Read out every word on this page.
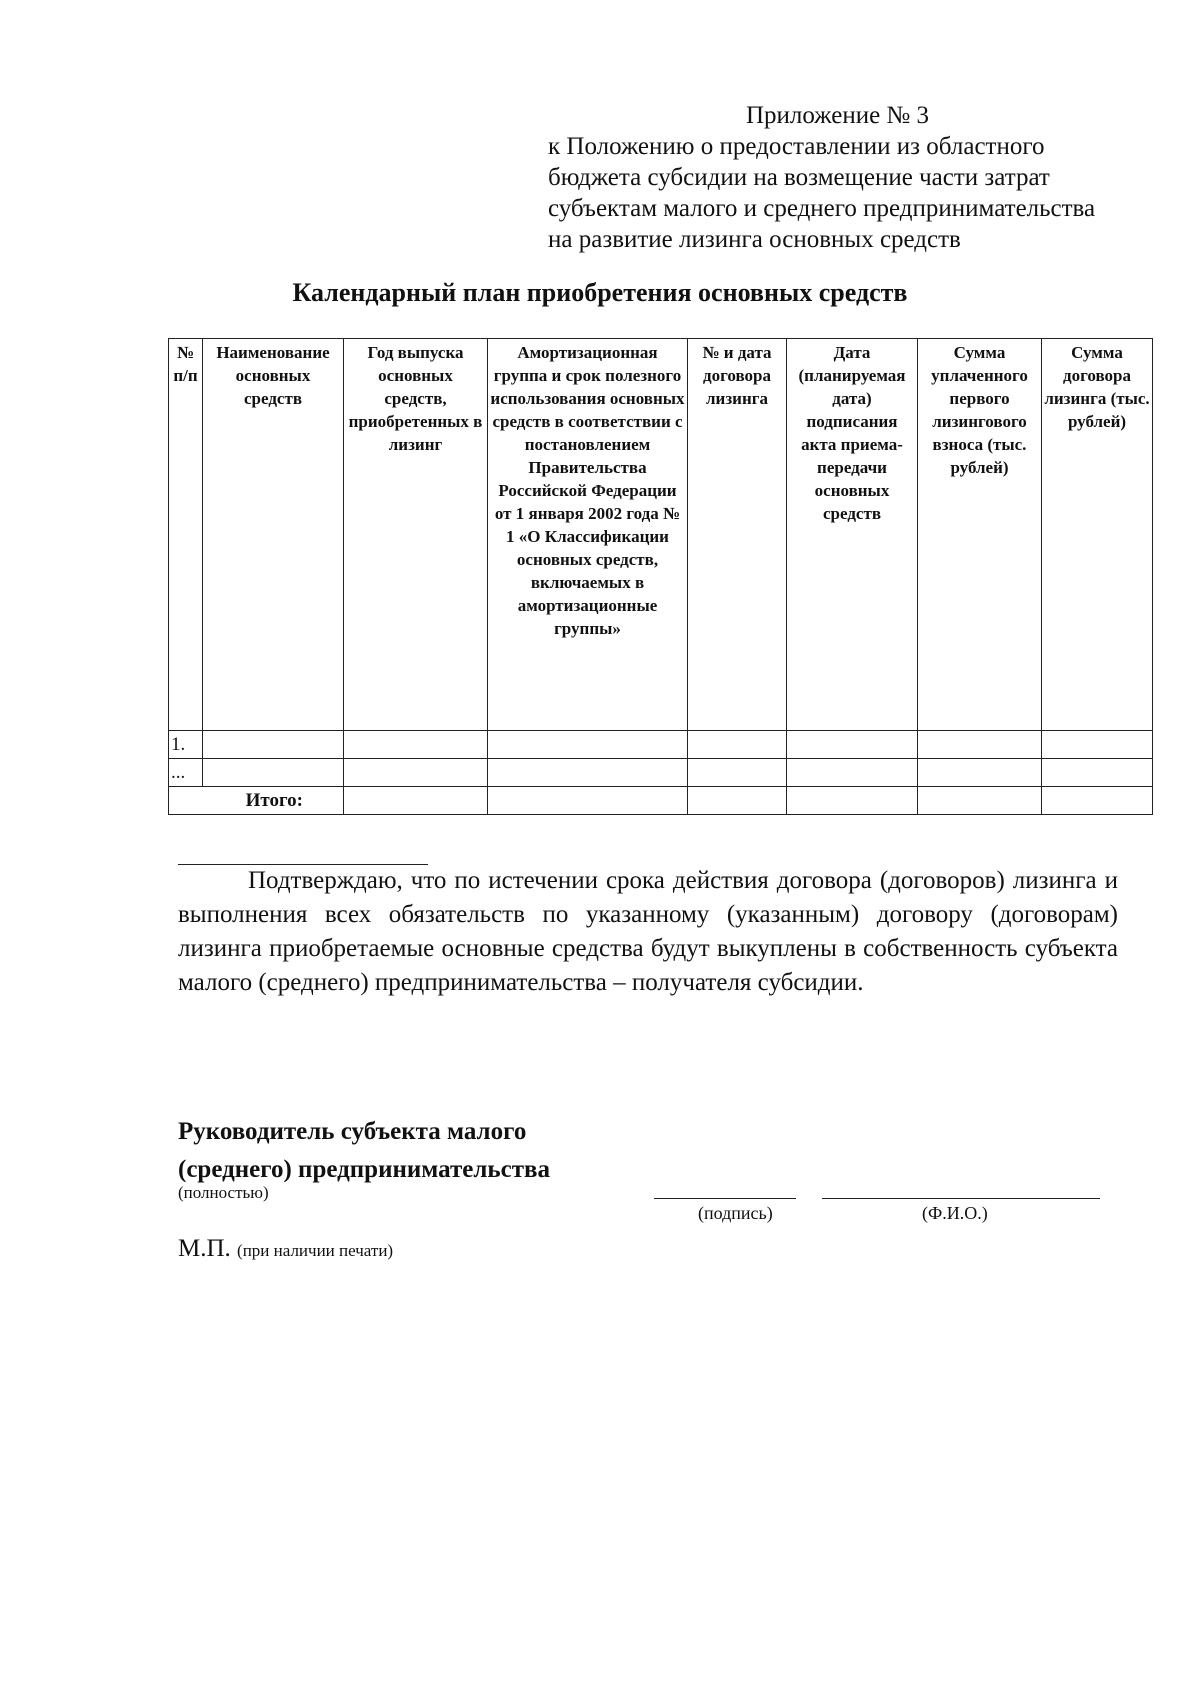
Приложение № 3
к Положению о предоставлении из областного
бюджета субсидии на возмещение части затрат
субъектам малого и среднего предпринимательства
на развитие лизинга основных средств
Календарный план приобретения основных средств
№ п/п	Наименование основных средств	Год выпуска основных средств, приобретенных в лизинг	Амортизационная группа и срок полезного использования основных средств в соответствии с постановлением Правительства Российской Федерации от 1 января 2002 года № 1 «О Классификации основных средств, включаемых в амортизационные группы»	№ и дата договора лизинга	Дата (планируемая дата) подписания акта приема-передачи основных средств	Сумма уплаченного первого лизингового взноса (тыс. рублей)	Сумма договора лизинга (тыс. рублей)
1.							
...							
Итого:							
Подтверждаю, что по истечении срока действия договора (договоров) лизинга и выполнения всех обязательств по указанному (указанным) договору (договорам) лизинга приобретаемые основные средства будут выкуплены в собственность субъекта малого (среднего) предпринимательства – получателя субсидии.
Руководитель субъекта малого
(среднего) предпринимательства
(полностью)
(подпись)	(Ф.И.О.)
М.П. (при наличии печати)
